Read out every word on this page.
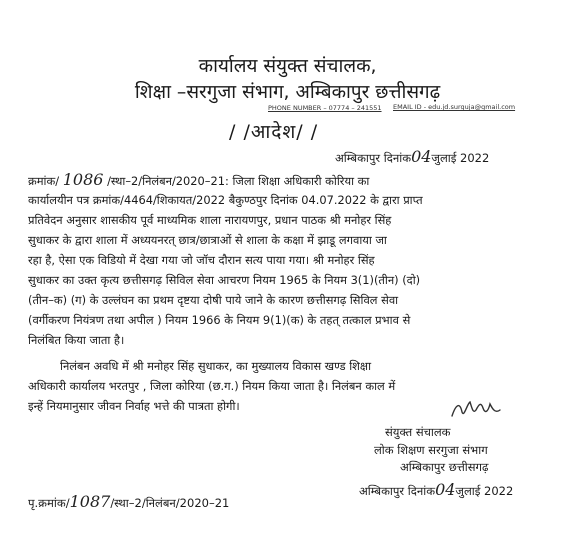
कार्यालय संयुक्त संचालक,
शिक्षा –सरगुजा संभाग, अम्बिकापुर छत्तीसगढ़
PHONE NUMBER – 07774 – 241551 EMAIL ID - edu.jd.surguja@gmail.com
/ /आदेश/ /
अम्बिकापुर दिनांक04जुलाई 2022
क्रमांक/ 1086 /स्था–2/निलंबन/2020–21: जिला शिक्षा अधिकारी कोरिया का
कार्यालयीन पत्र क्रमांक/4464/शिकायत/2022 बैकुण्ठपुर दिनांक 04.07.2022 के द्वारा प्राप्त
प्रतिवेदन अनुसार शासकीय पूर्व माध्यमिक शाला नारायणपुर, प्रधान पाठक श्री मनोहर सिंह
सुधाकर के द्वारा शाला में अध्ययनरत् छात्र/छात्राओं से शाला के कक्षा में झाडू लगवाया जा
रहा है, ऐसा एक विडियो में देखा गया जो जॉच दौरान सत्य पाया गया। श्री मनोहर सिंह
सुधाकर का उक्त कृत्य छत्तीसगढ़ सिविल सेवा आचरण नियम 1965 के नियम 3(1)(तीन) (दो)
(तीन–क) (ग) के उल्लंघन का प्रथम दृष्टया दोषी पाये जाने के कारण छत्तीसगढ़ सिविल सेवा
(वर्गीकरण नियंत्रण तथा अपील ) नियम 1966 के नियम 9(1)(क) के तहत् तत्काल प्रभाव से
निलंबित किया जाता है।
निलंबन अवधि में श्री मनोहर सिंह सुधाकर, का मुख्यालय विकास खण्ड शिक्षा
अधिकारी कार्यालय भरतपुर , जिला कोरिया (छ.ग.) नियम किया जाता है। निलंबन काल में
इन्हें नियमानुसार जीवन निर्वाह भत्ते की पात्रता होगी।
संयुक्त संचालक
लोक शिक्षण सरगुजा संभाग
अम्बिकापुर छत्तीसगढ़
अम्बिकापुर दिनांक04जुलाई 2022
पृ.क्रमांक/1087/स्था–2/निलंबन/2020–21
